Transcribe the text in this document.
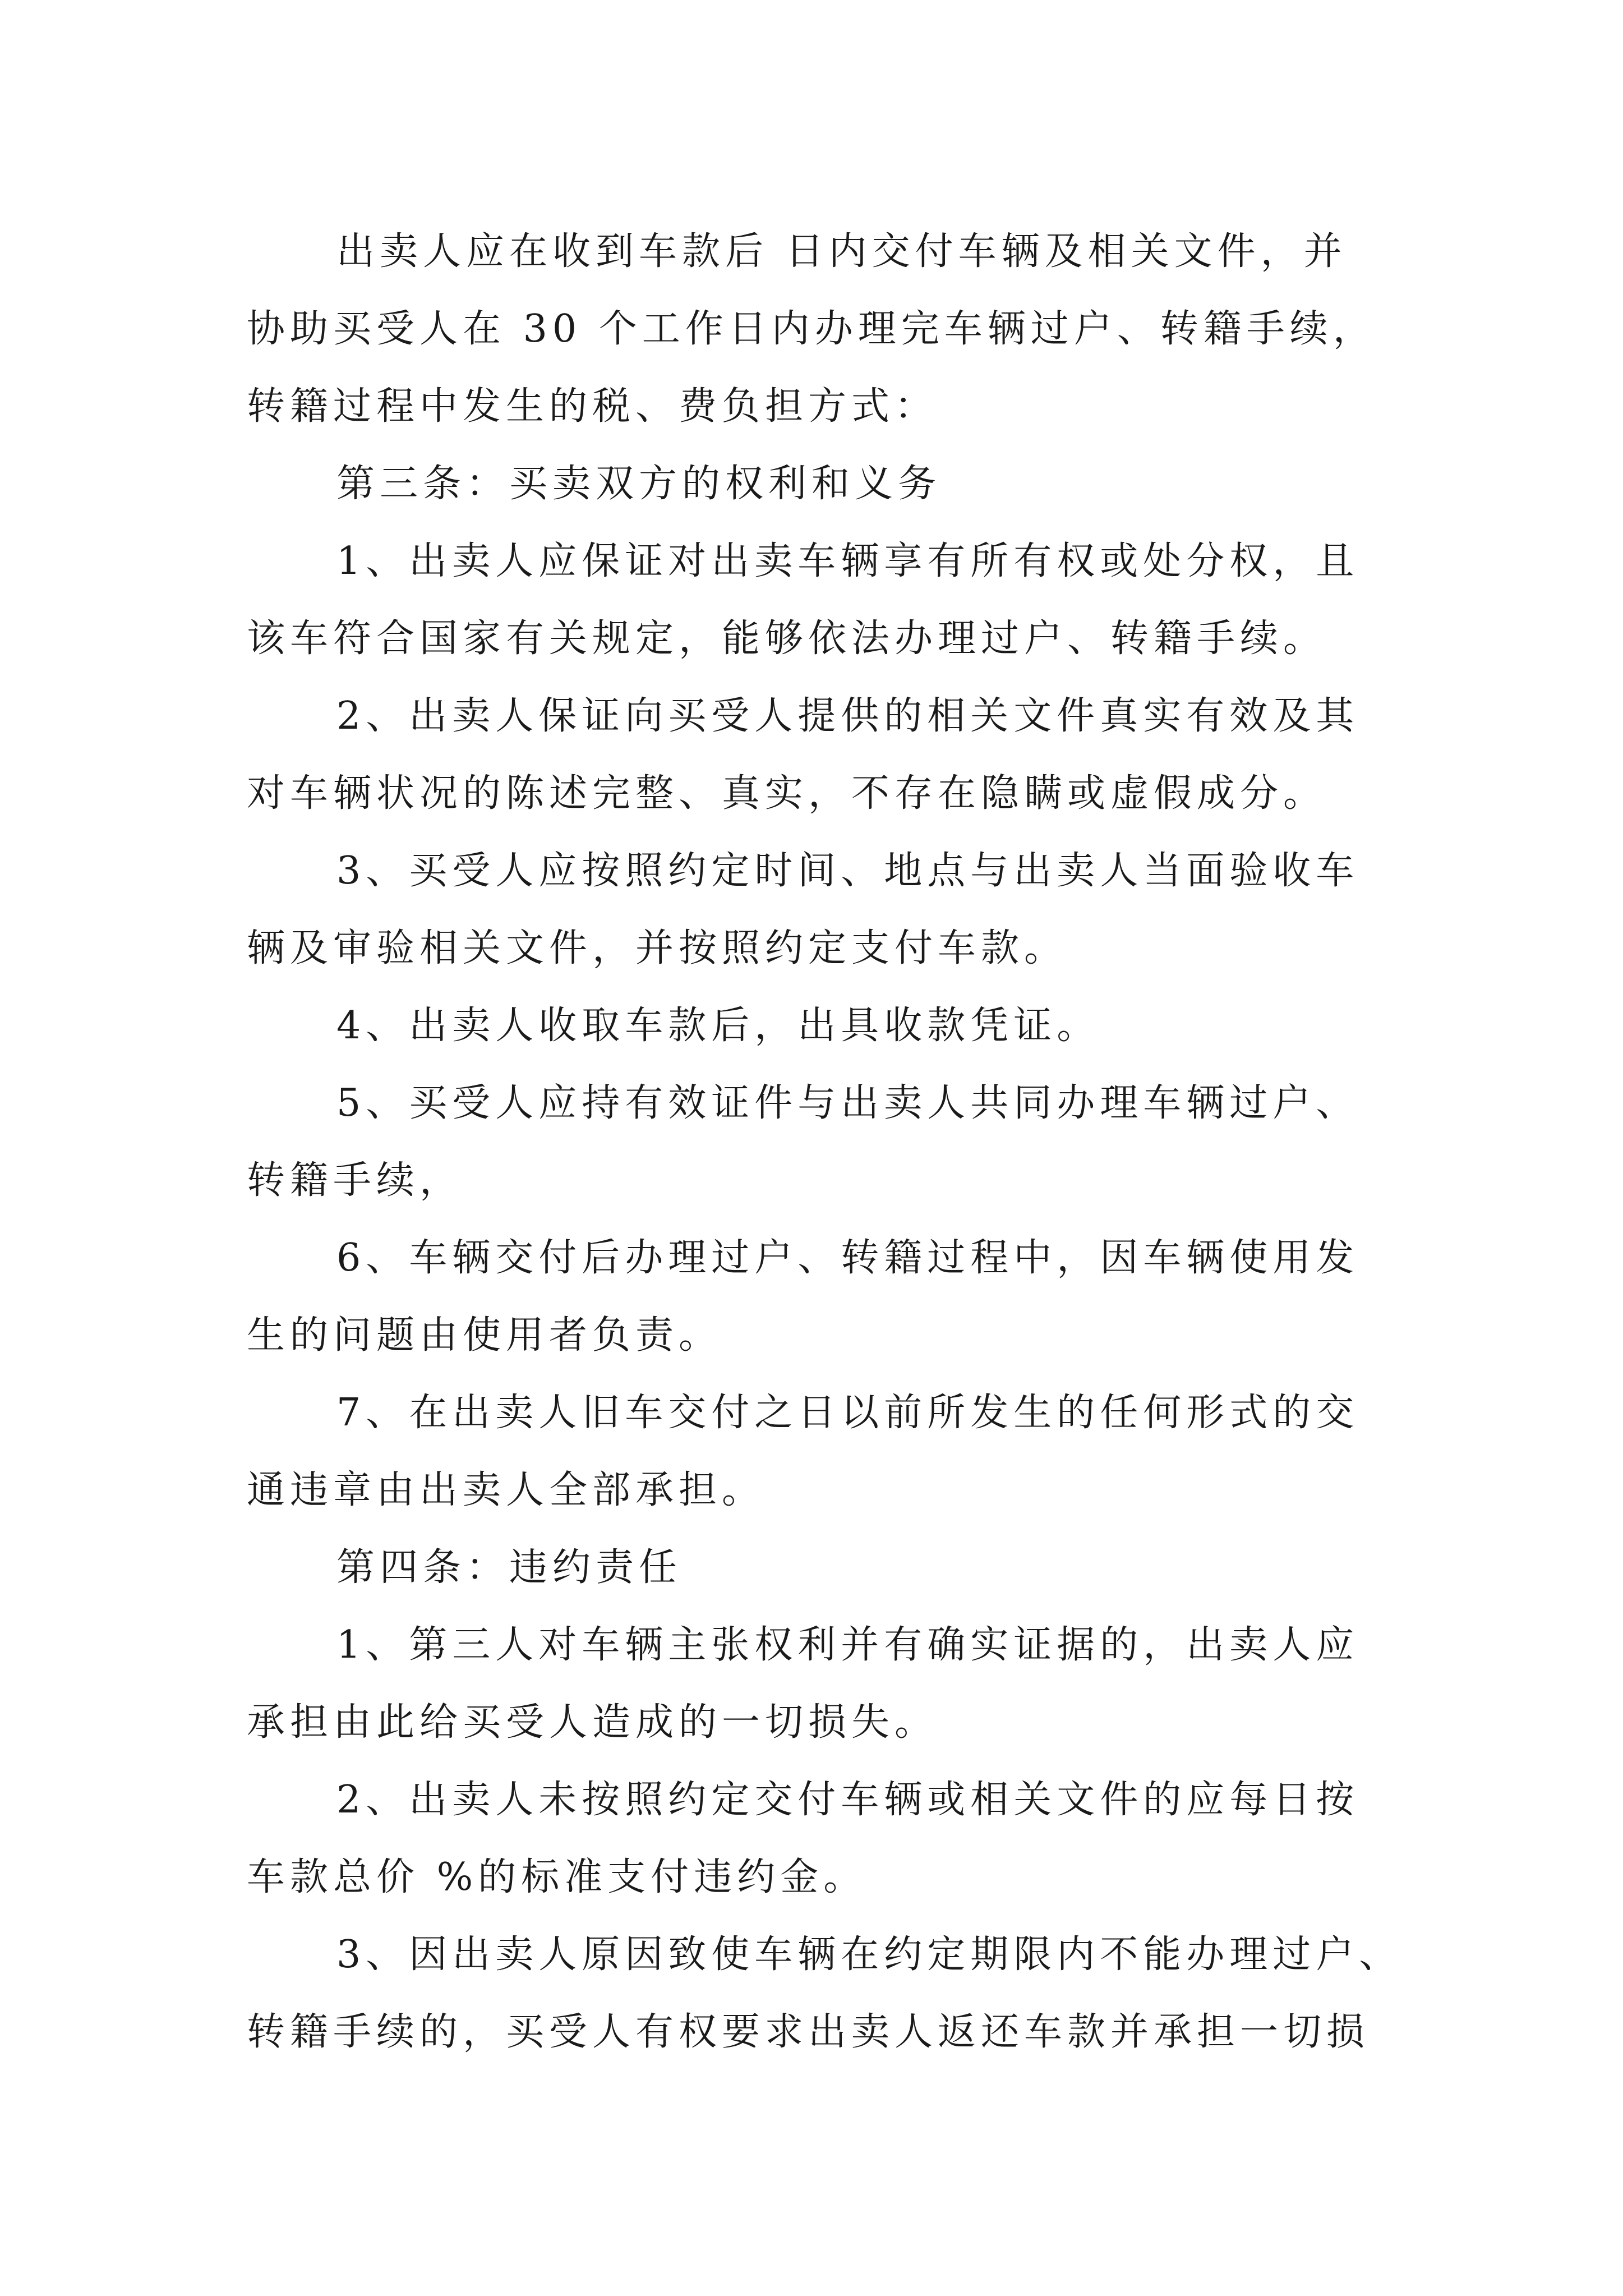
出卖人应在收到车款后 日内交付车辆及相关文件，并
协助买受人在 30 个工作日内办理完车辆过户、转籍手续，
转籍过程中发生的税、费负担方式：

第三条：买卖双方的权利和义务

1、出卖人应保证对出卖车辆享有所有权或处分权，且
该车符合国家有关规定，能够依法办理过户、转籍手续。

2、出卖人保证向买受人提供的相关文件真实有效及其
对车辆状况的陈述完整、真实，不存在隐瞒或虚假成分。

3、买受人应按照约定时间、地点与出卖人当面验收车
辆及审验相关文件，并按照约定支付车款。

4、出卖人收取车款后，出具收款凭证。

5、买受人应持有效证件与出卖人共同办理车辆过户、
转籍手续，

6、车辆交付后办理过户、转籍过程中，因车辆使用发
生的问题由使用者负责。

7、在出卖人旧车交付之日以前所发生的任何形式的交
通违章由出卖人全部承担。

第四条：违约责任

1、第三人对车辆主张权利并有确实证据的，出卖人应
承担由此给买受人造成的一切损失。

2、出卖人未按照约定交付车辆或相关文件的应每日按
车款总价 %的标准支付违约金。

3、因出卖人原因致使车辆在约定期限内不能办理过户、
转籍手续的，买受人有权要求出卖人返还车款并承担一切损
